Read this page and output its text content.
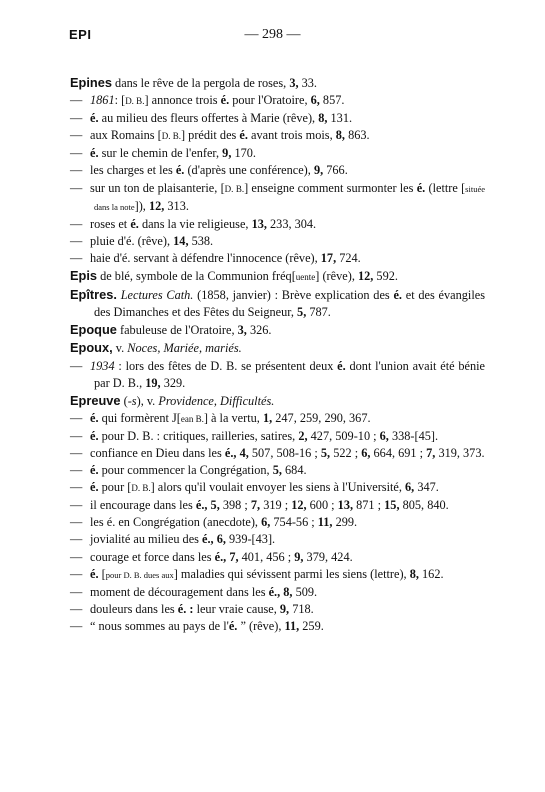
EPI	— 298 —
Epines dans le rêve de la pergola de roses, 3, 33.
— 1861: [D. B.] annonce trois é. pour l'Oratoire, 6, 857.
— é. au milieu des fleurs offertes à Marie (rêve), 8, 131.
— aux Romains [D. B.] prédit des é. avant trois mois, 8, 863.
— é. sur le chemin de l'enfer, 9, 170.
— les charges et les é. (d'après une conférence), 9, 766.
— sur un ton de plaisanterie, [D. B.] enseigne comment surmonter les é. (lettre [située dans la note]), 12, 313.
— roses et é. dans la vie religieuse, 13, 233, 304.
— pluie d'é. (rêve), 14, 538.
— haie d'é. servant à défendre l'innocence (rêve), 17, 724.
Epis de blé, symbole de la Communion fréq[uente] (rêve), 12, 592.
Epîtres. Lectures Cath. (1858, janvier) : Brève explication des é. et des évangiles des Dimanches et des Fêtes du Seigneur, 5, 787.
Epoque fabuleuse de l'Oratoire, 3, 326.
Epoux, v. Noces, Mariée, mariés.
— 1934 : lors des fêtes de D. B. se présentent deux é. dont l'union avait été bénie par D. B., 19, 329.
Epreuve (-s), v. Providence, Difficultés.
— é. qui formèrent J[ean B.] à la vertu, 1, 247, 259, 290, 367.
— é. pour D. B. : critiques, railleries, satires, 2, 427, 509-10 ; 6, 338-[45].
— confiance en Dieu dans les é., 4, 507, 508-16 ; 5, 522 ; 6, 664, 691 ; 7, 319, 373.
— é. pour commencer la Congrégation, 5, 684.
— é. pour [D. B.] alors qu'il voulait envoyer les siens à l'Université, 6, 347.
— il encourage dans les é., 5, 398 ; 7, 319 ; 12, 600 ; 13, 871 ; 15, 805, 840.
— les é. en Congrégation (anecdote), 6, 754-56 ; 11, 299.
— jovialité au milieu des é., 6, 939-[43].
— courage et force dans les é., 7, 401, 456 ; 9, 379, 424.
— é. [pour D. B. dues aux] maladies qui sévissent parmi les siens (lettre), 8, 162.
— moment de découragement dans les é., 8, 509.
— douleurs dans les é. : leur vraie cause, 9, 718.
— “ nous sommes au pays de l'é. ” (rêve), 11, 259.
